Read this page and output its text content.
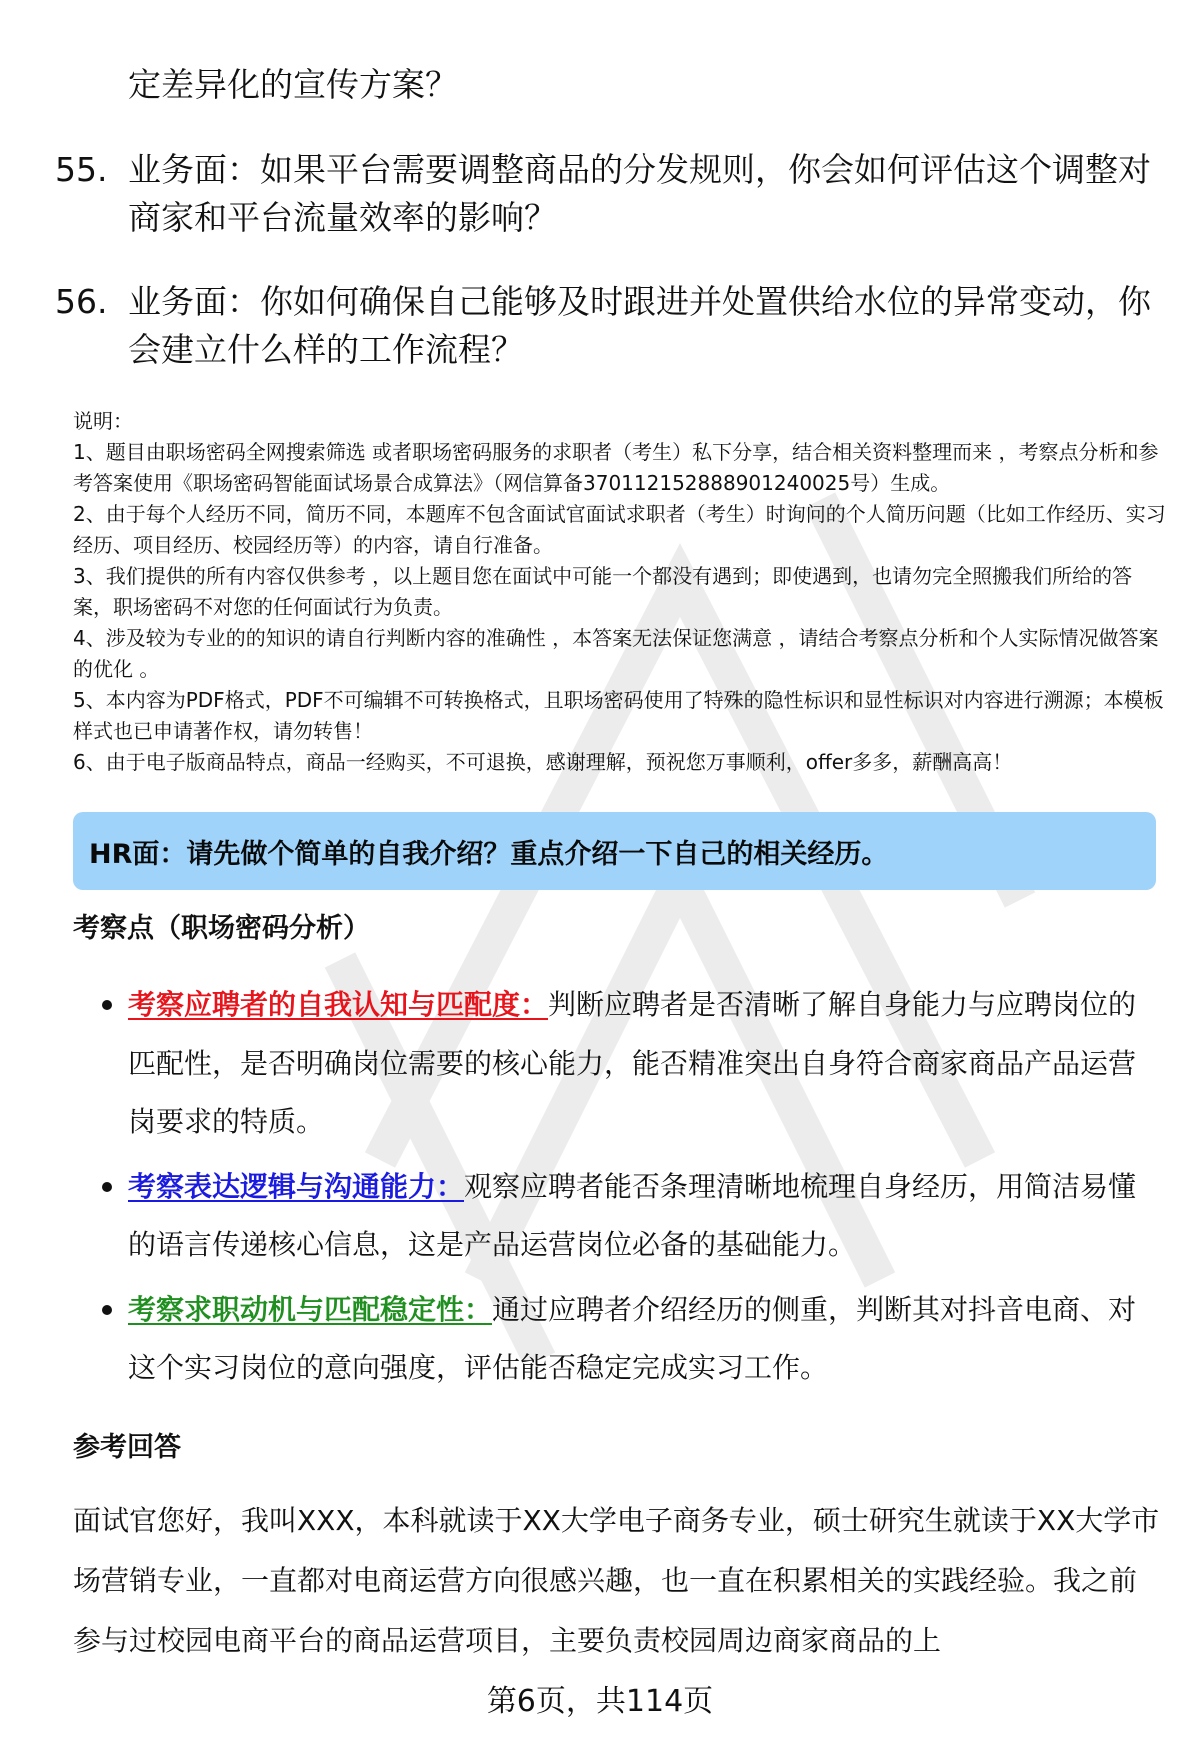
定差异化的宣传方案？
55. 业务面：如果平台需要调整商品的分发规则，你会如何评估这个调整对商家和平台流量效率的影响？
56. 业务面：你如何确保自己能够及时跟进并处置供给水位的异常变动，你会建立什么样的工作流程？

说明：

1、题目由职场密码全网搜索筛选 或者职场密码服务的求职者（考生）私下分享，结合相关资料整理而来 ，考察点分析和参考答案使用《职场密码智能面试场景合成算法》（网信算备370112152888901240025号）生成。

2、由于每个人经历不同，简历不同，本题库不包含面试官面试求职者（考生）时询问的个人简历问题（比如工作经历、实习经历、项目经历、校园经历等）的内容，请自行准备。

3、我们提供的所有内容仅供参考 ，以上题目您在面试中可能一个都没有遇到；即使遇到，也请勿完全照搬我们所给的答案，职场密码不对您的任何面试行为负责。

4、涉及较为专业的的知识的请自行判断内容的准确性 ，本答案无法保证您满意 ，请结合考察点分析和个人实际情况做答案的优化 。

5、本内容为PDF格式，PDF不可编辑不可转换格式，且职场密码使用了特殊的隐性标识和显性标识对内容进行溯源；本模板样式也已申请著作权，请勿转售！

6、由于电子版商品特点，商品一经购买，不可退换，感谢理解，预祝您万事顺利，offer多多，薪酬高高！

HR面：请先做个简单的自我介绍？重点介绍一下自己的相关经历。
考察点（职场密码分析）
考察应聘者的自我认知与匹配度：判断应聘者是否清晰了解自身能力与应聘岗位的匹配性，是否明确岗位需要的核心能力，能否精准突出自身符合商家商品产品运营岗要求的特质。
考察表达逻辑与沟通能力：观察应聘者能否条理清晰地梳理自身经历，用简洁易懂的语言传递核心信息，这是产品运营岗位必备的基础能力。
考察求职动机与匹配稳定性：通过应聘者介绍经历的侧重，判断其对抖音电商、对这个实习岗位的意向强度，评估能否稳定完成实习工作。
参考回答

面试官您好，我叫XXX，本科就读于XX大学电子商务专业，硕士研究生就读于XX大学市场营销专业，一直都对电商运营方向很感兴趣，也一直在积累相关的实践经验。我之前参与过校园电商平台的商品运营项目，主要负责校园周边商家商品的上

第6页，共114页
